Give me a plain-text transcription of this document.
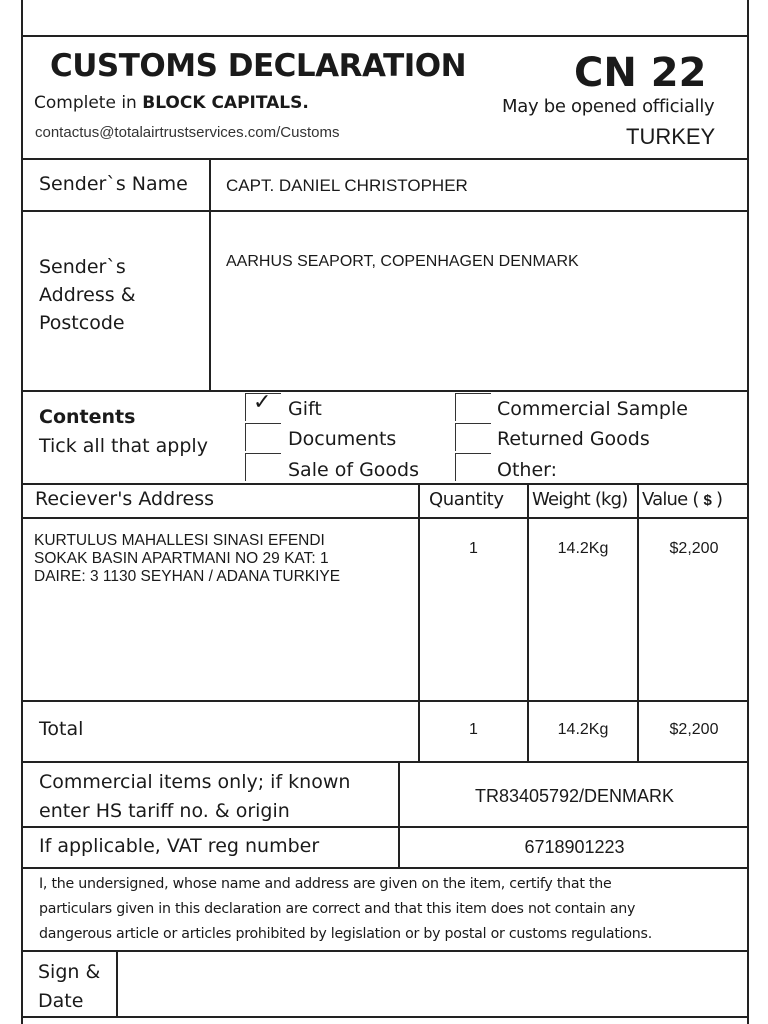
CUSTOMS DECLARATION	CN 22
Complete in BLOCK CAPITALS.	May be opened officially
contactus@totalairtrustservices.com/Customs	TURKEY
Sender`s Name CAPT. DANIEL CHRISTOPHER
Sender`s
Address &
Postcode
AARHUS SEAPORT, COPENHAGEN DENMARK
Contents
Tick all that apply
✓ Gift
Documents
Sale of Goods
Commercial Sample
Returned Goods
Other:
Reciever's Address	Quantity Weight (kg) Value ( $ )
KURTULUS MAHALLESI SINASI EFENDI
SOKAK BASIN APARTMANI NO 29 KAT: 1
DAIRE: 3 1130 SEYHAN / ADANA TURKIYE
1	14.2Kg	$2,200
Total	1	14.2Kg	$2,200
Commercial items only; if known
enter HS tariff no. & origin
TR83405792/DENMARK
If applicable, VAT reg number	6718901223
I, the undersigned, whose name and address are given on the item, certify that the
particulars given in this declaration are correct and that this item does not contain any
dangerous article or articles prohibited by legislation or by postal or customs regulations.
Sign &
Date
